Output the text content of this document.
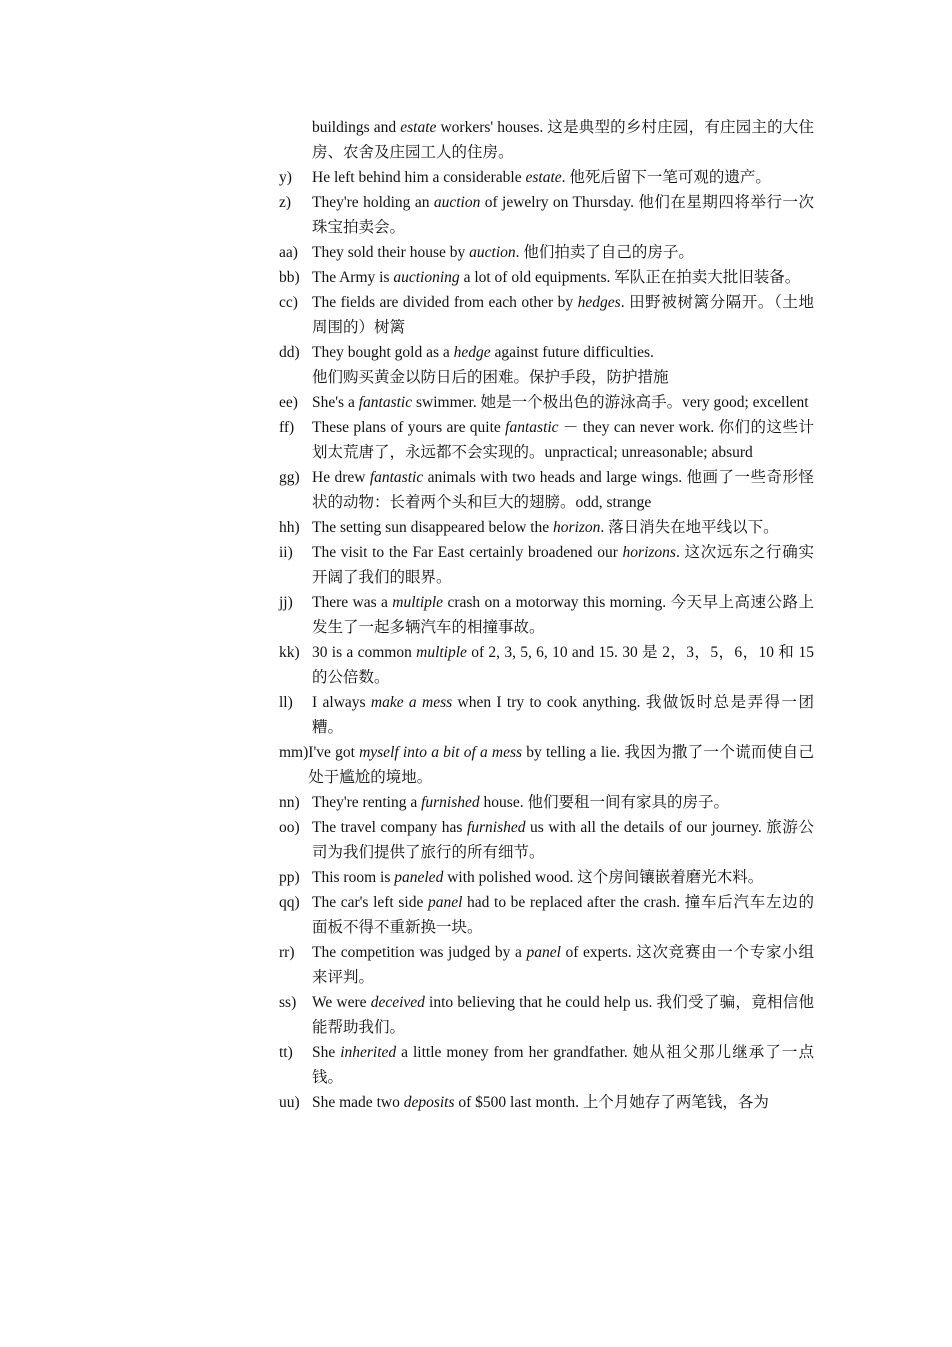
buildings and estate workers' houses. 这是典型的乡村庄园，有庄园主的大住房、农舍及庄园工人的住房。
y)	He left behind him a considerable estate. 他死后留下一笔可观的遗产。
z)	They're holding an auction of jewelry on Thursday. 他们在星期四将举行一次珠宝拍卖会。
aa) They sold their house by auction. 他们拍卖了自己的房子。
bb) The Army is auctioning a lot of old equipments. 军队正在拍卖大批旧装备。
cc) The fields are divided from each other by hedges. 田野被树篱分隔开。（土地周围的）树篱
dd) They bought gold as a hedge against future difficulties.
他们购买黄金以防日后的困难。保护手段，防护措施
ee) She's a fantastic swimmer. 她是一个极出色的游泳高手。very good; excellent
ff)	These plans of yours are quite fantastic － they can never work. 你们的这些计划太荒唐了，永远都不会实现的。unpractical; unreasonable; absurd
gg) He drew fantastic animals with two heads and large wings. 他画了一些奇形怪状的动物：长着两个头和巨大的翅膀。odd, strange
hh) The setting sun disappeared below the horizon. 落日消失在地平线以下。
ii)	The visit to the Far East certainly broadened our horizons. 这次远东之行确实开阔了我们的眼界。
jj)	There was a multiple crash on a motorway this morning. 今天早上高速公路上发生了一起多辆汽车的相撞事故。
kk) 30 is a common multiple of 2, 3, 5, 6, 10 and 15. 30 是 2，3，5，6，10 和 15 的公倍数。
ll)	I always make a mess when I try to cook anything. 我做饭时总是弄得一团糟。
mm) I've got myself into a bit of a mess by telling a lie. 我因为撒了一个谎而使自己处于尴尬的境地。
nn) They're renting a furnished house. 他们要租一间有家具的房子。
oo) The travel company has furnished us with all the details of our journey. 旅游公司为我们提供了旅行的所有细节。
pp) This room is paneled with polished wood. 这个房间镶嵌着磨光木料。
qq) The car's left side panel had to be replaced after the crash. 撞车后汽车左边的面板不得不重新换一块。
rr)	The competition was judged by a panel of experts. 这次竞赛由一个专家小组来评判。
ss)	We were deceived into believing that he could help us. 我们受了骗，竟相信他能帮助我们。
tt)	She inherited a little money from her grandfather. 她从祖父那儿继承了一点钱。
uu) She made two deposits of $500 last month. 上个月她存了两笔钱，各为
